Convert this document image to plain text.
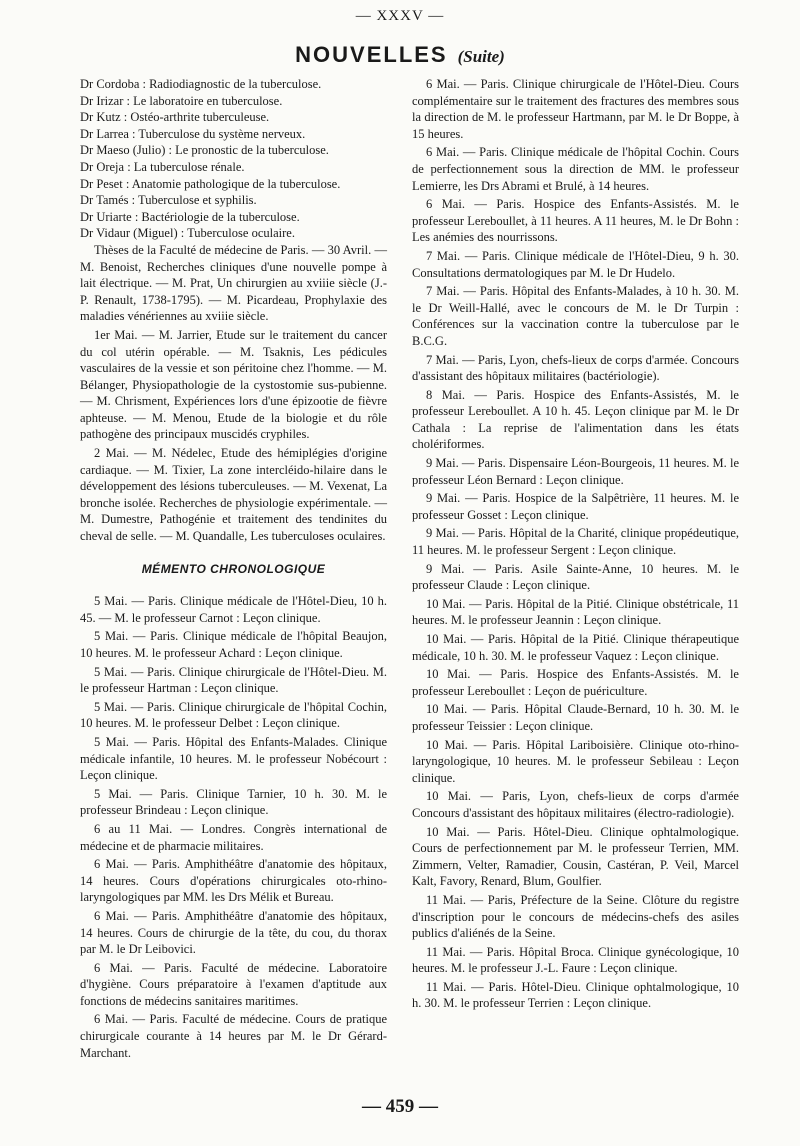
— XXXV —
NOUVELLES (Suite)

Dr Cordoba : Radiodiagnostic de la tuberculose.

Dr Irizar : Le laboratoire en tuberculose.

Dr Kutz : Ostéo-arthrite tuberculeuse.

Dr Larrea : Tuberculose du système nerveux.

Dr Maeso (Julio) : Le pronostic de la tuberculose.

Dr Oreja : La tuberculose rénale.

Dr Peset : Anatomie pathologique de la tuberculose.

Dr Tamés : Tuberculose et syphilis.

Dr Uriarte : Bactériologie de la tuberculose.

Dr Vidaur (Miguel) : Tuberculose oculaire.

Thèses de la Faculté de médecine de Paris. — 30 Avril. — M. Benoist, Recherches cliniques d'une nouvelle pompe à lait électrique. — M. Prat, Un chirurgien au xviiie siècle (J.-P. Renault, 1738-1795). — M. Picardeau, Prophylaxie des maladies vénériennes au xviiie siècle.

1er Mai. — M. Jarrier, Etude sur le traitement du cancer du col utérin opérable. — M. Tsaknis, Les pédicules vasculaires de la vessie et son péritoine chez l'homme. — M. Bélanger, Physiopathologie de la cystostomie sus-pubienne. — M. Chrisment, Expériences lors d'une épizootie de fièvre aphteuse. — M. Menou, Etude de la biologie et du rôle pathogène des principaux muscidés cryphiles.

2 Mai. — M. Nédelec, Etude des hémiplégies d'origine cardiaque. — M. Tixier, La zone intercléido-hilaire dans le développement des lésions tuberculeuses. — M. Vexenat, La bronche isolée. Recherches de physiologie expérimentale. — M. Dumestre, Pathogénie et traitement des tendinites du cheval de selle. — M. Quandalle, Les tuberculoses oculaires.

MÉMENTO CHRONOLOGIQUE

5 Mai. — Paris. Clinique médicale de l'Hôtel-Dieu, 10 h. 45. — M. le professeur Carnot : Leçon clinique.

5 Mai. — Paris. Clinique médicale de l'hôpital Beaujon, 10 heures. M. le professeur Achard : Leçon clinique.

5 Mai. — Paris. Clinique chirurgicale de l'Hôtel-Dieu. M. le professeur Hartman : Leçon clinique.

5 Mai. — Paris. Clinique chirurgicale de l'hôpital Cochin, 10 heures. M. le professeur Delbet : Leçon clinique.

5 Mai. — Paris. Hôpital des Enfants-Malades. Clinique médicale infantile, 10 heures. M. le professeur Nobécourt : Leçon clinique.

5 Mai. — Paris. Clinique Tarnier, 10 h. 30. M. le professeur Brindeau : Leçon clinique.

6 au 11 Mai. — Londres. Congrès international de médecine et de pharmacie militaires.

6 Mai. — Paris. Amphithéâtre d'anatomie des hôpitaux, 14 heures. Cours d'opérations chirurgicales oto-rhino-laryngologiques par MM. les Drs Mélik et Bureau.

6 Mai. — Paris. Amphithéâtre d'anatomie des hôpitaux, 14 heures. Cours de chirurgie de la tête, du cou, du thorax par M. le Dr Leibovici.

6 Mai. — Paris. Faculté de médecine. Laboratoire d'hygiène. Cours préparatoire à l'examen d'aptitude aux fonctions de médecins sanitaires maritimes.

6 Mai. — Paris. Faculté de médecine. Cours de pratique chirurgicale courante à 14 heures par M. le Dr Gérard-Marchant.

6 Mai. — Paris. Clinique chirurgicale de l'Hôtel-Dieu. Cours complémentaire sur le traitement des fractures des membres sous la direction de M. le professeur Hartmann, par M. le Dr Boppe, à 15 heures.

6 Mai. — Paris. Clinique médicale de l'hôpital Cochin. Cours de perfectionnement sous la direction de MM. le professeur Lemierre, les Drs Abrami et Brulé, à 14 heures.

6 Mai. — Paris. Hospice des Enfants-Assistés. M. le professeur Lereboullet, à 11 heures. A 11 heures, M. le Dr Bohn : Les anémies des nourrissons.

7 Mai. — Paris. Clinique médicale de l'Hôtel-Dieu, 9 h. 30. Consultations dermatologiques par M. le Dr Hudelo.

7 Mai. — Paris. Hôpital des Enfants-Malades, à 10 h. 30. M. le Dr Weill-Hallé, avec le concours de M. le Dr Turpin : Conférences sur la vaccination contre la tuberculose par le B.C.G.

7 Mai. — Paris, Lyon, chefs-lieux de corps d'armée. Concours d'assistant des hôpitaux militaires (bactériologie).

8 Mai. — Paris. Hospice des Enfants-Assistés, M. le professeur Lereboullet. A 10 h. 45. Leçon clinique par M. le Dr Cathala : La reprise de l'alimentation dans les états cholériformes.

9 Mai. — Paris. Dispensaire Léon-Bourgeois, 11 heures. M. le professeur Léon Bernard : Leçon clinique.

9 Mai. — Paris. Hospice de la Salpêtrière, 11 heures. M. le professeur Gosset : Leçon clinique.

9 Mai. — Paris. Hôpital de la Charité, clinique propédeutique, 11 heures. M. le professeur Sergent : Leçon clinique.

9 Mai. — Paris. Asile Sainte-Anne, 10 heures. M. le professeur Claude : Leçon clinique.

10 Mai. — Paris. Hôpital de la Pitié. Clinique obstétricale, 11 heures. M. le professeur Jeannin : Leçon clinique.

10 Mai. — Paris. Hôpital de la Pitié. Clinique thérapeutique médicale, 10 h. 30. M. le professeur Vaquez : Leçon clinique.

10 Mai. — Paris. Hospice des Enfants-Assistés. M. le professeur Lereboullet : Leçon de puériculture.

10 Mai. — Paris. Hôpital Claude-Bernard, 10 h. 30. M. le professeur Teissier : Leçon clinique.

10 Mai. — Paris. Hôpital Lariboisière. Clinique oto-rhino-laryngologique, 10 heures. M. le professeur Sebileau : Leçon clinique.

10 Mai. — Paris, Lyon, chefs-lieux de corps d'armée Concours d'assistant des hôpitaux militaires (électro-radiologie).

10 Mai. — Paris. Hôtel-Dieu. Clinique ophtalmologique. Cours de perfectionnement par M. le professeur Terrien, MM. Zimmern, Velter, Ramadier, Cousin, Castéran, P. Veil, Marcel Kalt, Favory, Renard, Blum, Goulfier.

11 Mai. — Paris, Préfecture de la Seine. Clôture du registre d'inscription pour le concours de médecins-chefs des asiles publics d'aliénés de la Seine.

11 Mai. — Paris. Hôpital Broca. Clinique gynécologique, 10 heures. M. le professeur J.-L. Faure : Leçon clinique.

11 Mai. — Paris. Hôtel-Dieu. Clinique ophtalmologique, 10 h. 30. M. le professeur Terrien : Leçon clinique.

— 459 —
